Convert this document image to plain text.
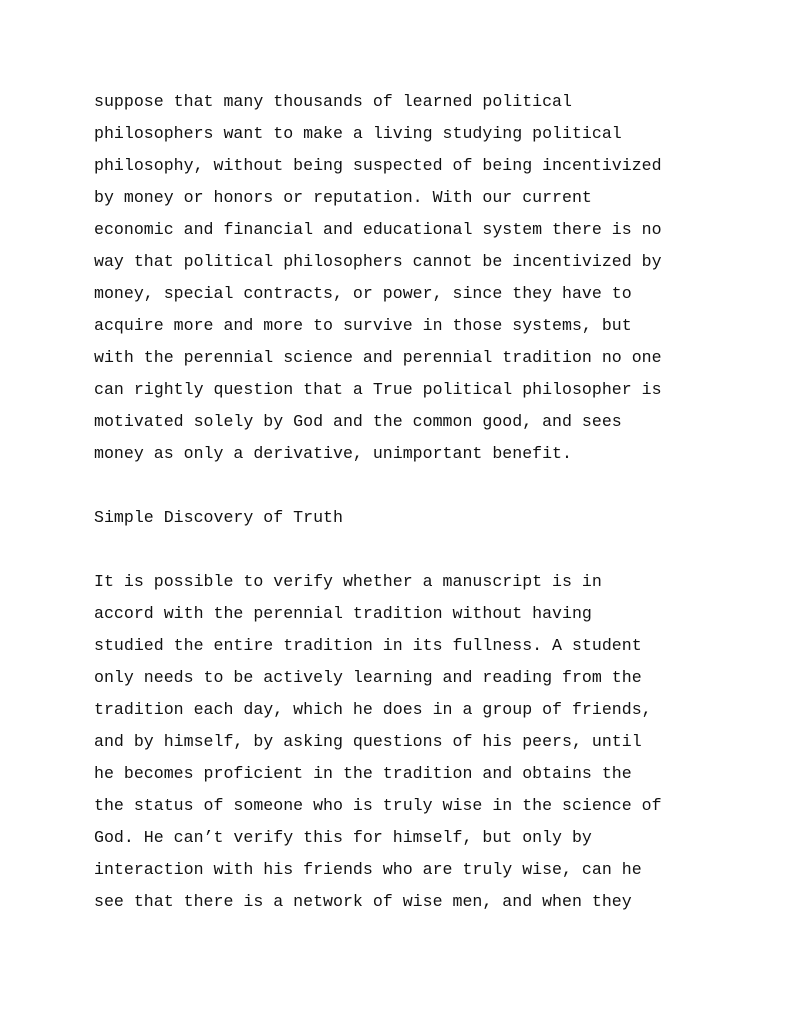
suppose that many thousands of learned political
philosophers want to make a living studying political
philosophy, without being suspected of being incentivized
by money or honors or reputation. With our current
economic and financial and educational system there is no
way that political philosophers cannot be incentivized by
money, special contracts, or power, since they have to
acquire more and more to survive in those systems, but
with the perennial science and perennial tradition no one
can rightly question that a True political philosopher is
motivated solely by God and the common good, and sees
money as only a derivative, unimportant benefit.
Simple Discovery of Truth
It is possible to verify whether a manuscript is in
accord with the perennial tradition without having
studied the entire tradition in its fullness. A student
only needs to be actively learning and reading from the
tradition each day, which he does in a group of friends,
and by himself, by asking questions of his peers, until
he becomes proficient in the tradition and obtains the
the status of someone who is truly wise in the science of
God. He can’t verify this for himself, but only by
interaction with his friends who are truly wise, can he
see that there is a network of wise men, and when they
